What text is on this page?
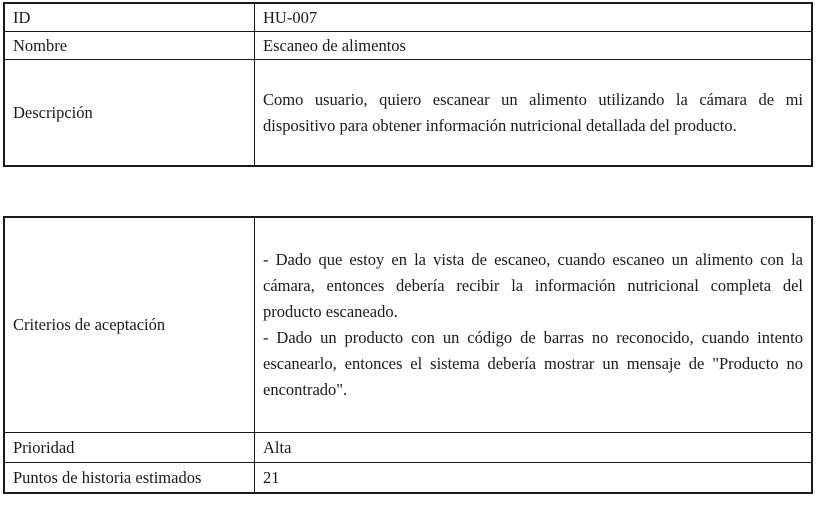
ID	HU-007
Nombre	Escaneo de alimentos
Descripción	Como usuario, quiero escanear un alimento utilizando la cámara de mi dispositivo para obtener información nutricional detallada del producto.
Criterios de aceptación	- Dado que estoy en la vista de escaneo, cuando escaneo un alimento con la cámara, entonces debería recibir la información nutricional completa del producto escaneado.
- Dado un producto con un código de barras no reconocido, cuando intento escanearlo, entonces el sistema debería mostrar un mensaje de "Producto no encontrado".

Prioridad	Alta
Puntos de historia estimados	21
